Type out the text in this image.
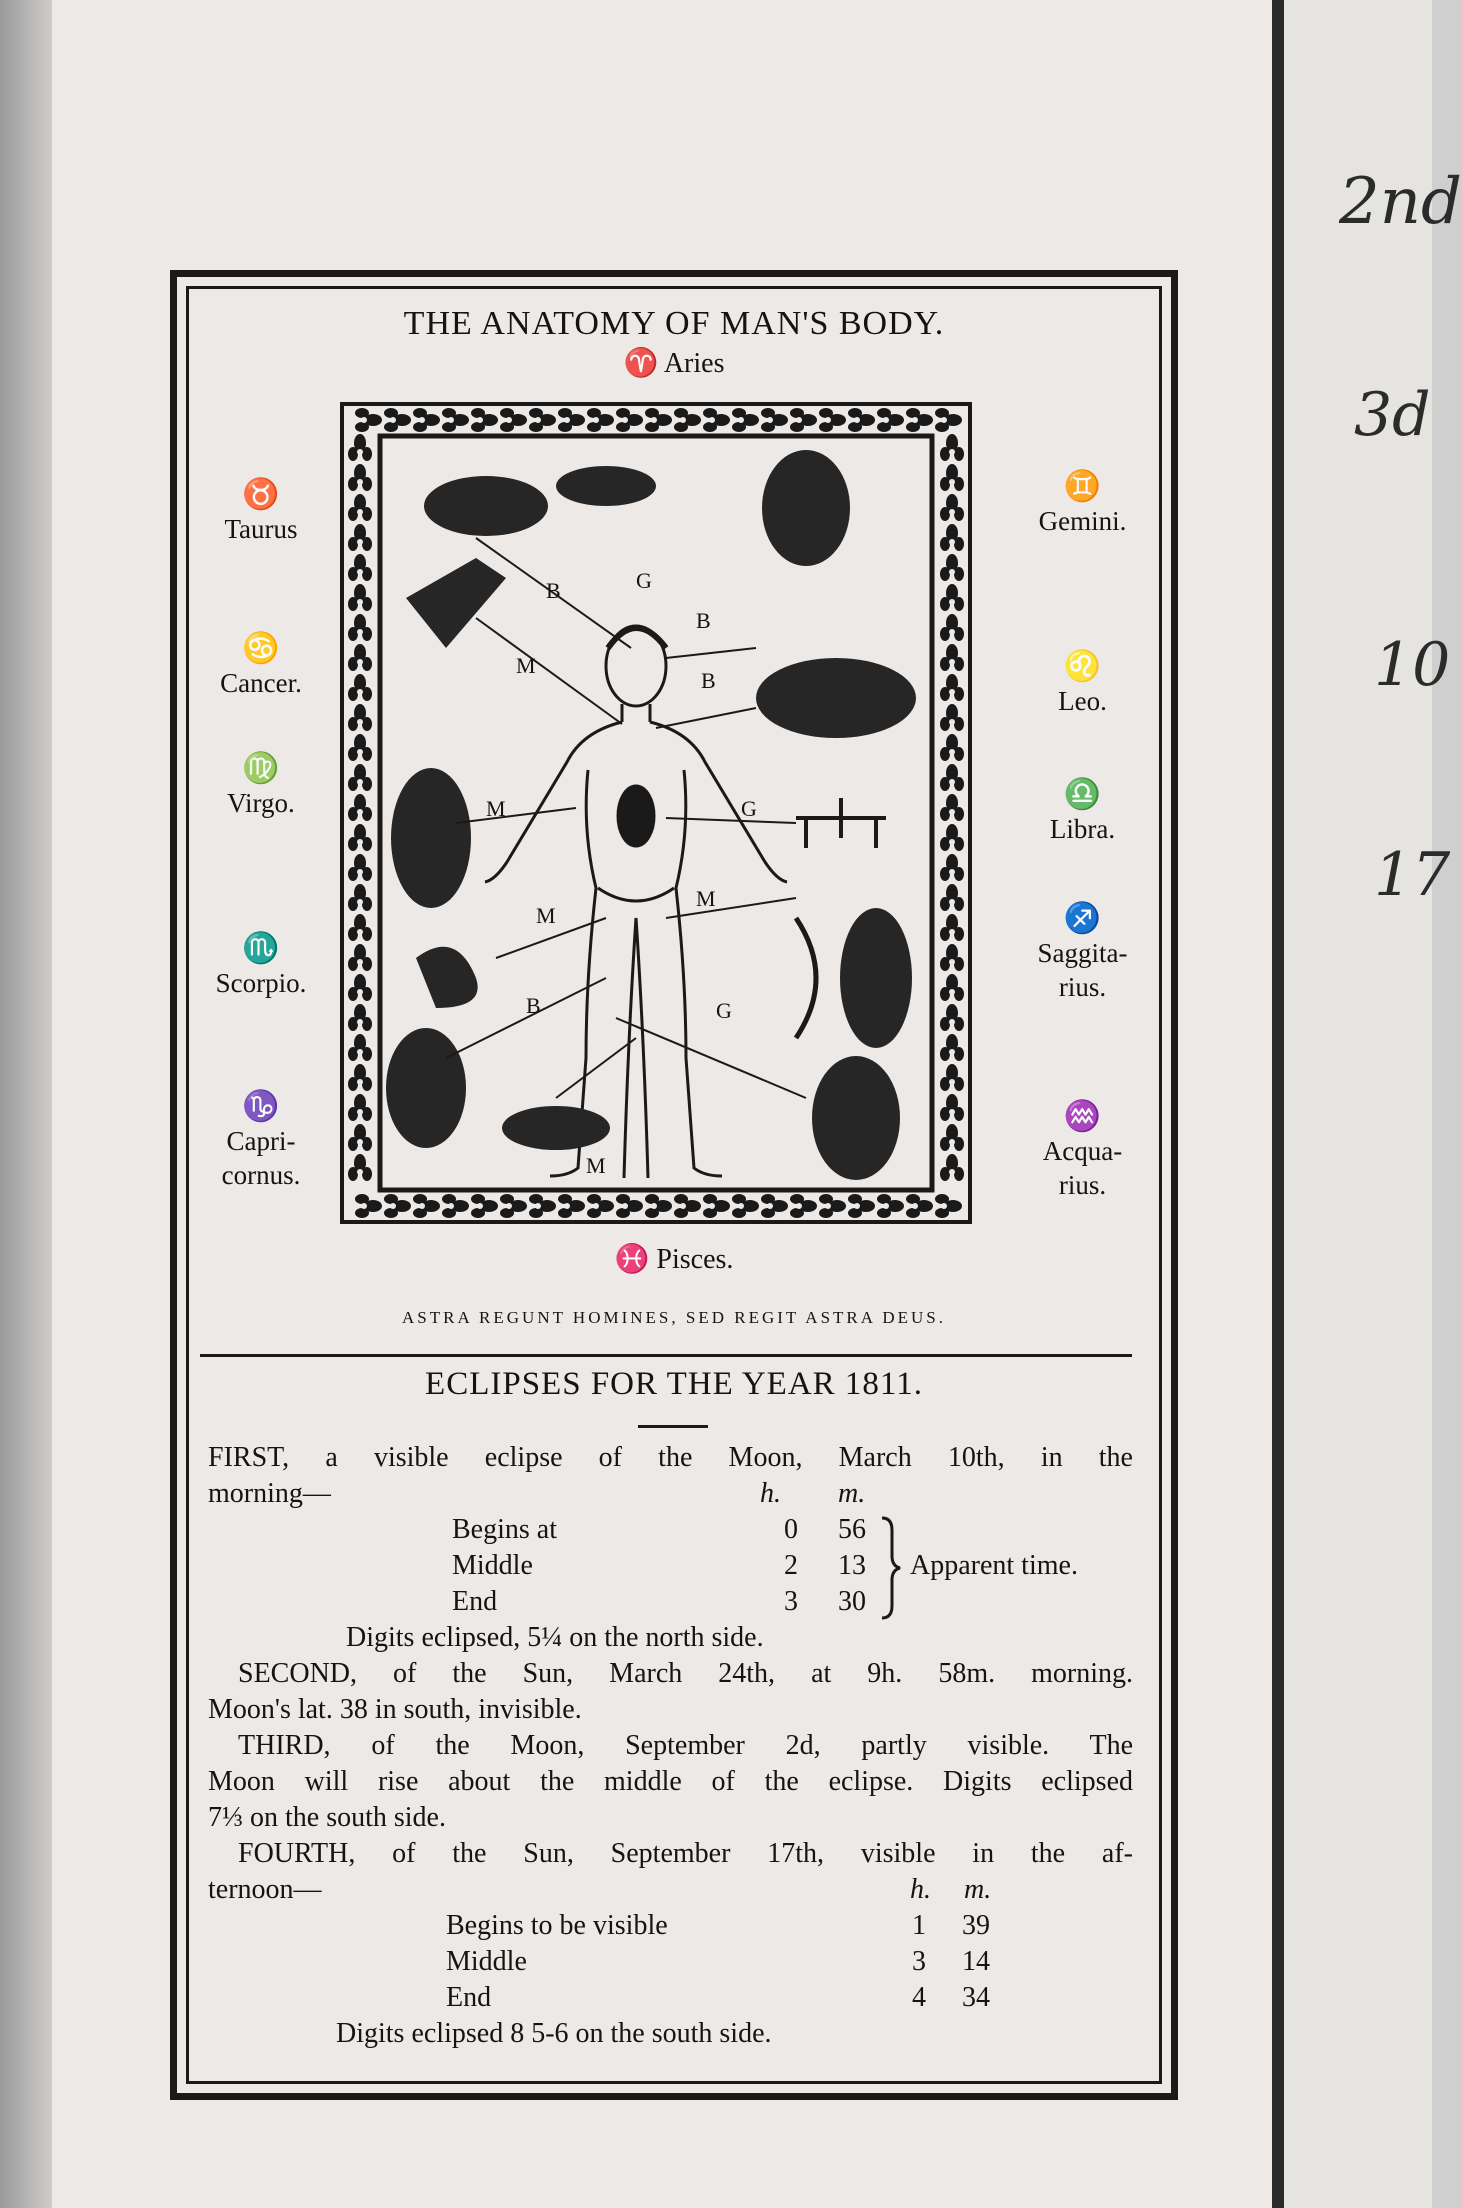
2nd
3d
10
17
THE ANATOMY OF MAN'S BODY.
♈ Aries
♉
Taurus
♋
Cancer.
♍
Virgo.
♏
Scorpio.
♑
Capri-
cornus.
♊
Gemini.
♌
Leo.
♎
Libra.
♐
Saggita-
rius.
♒
Acqua-
rius.
G
B
B
M
B
M	G
M
M
B	G
M
♓ Pisces.
ASTRA REGUNT HOMINES, SED REGIT ASTRA DEUS.
ECLIPSES FOR THE YEAR 1811.
FIRST, a visible eclipse of the Moon, March 10th, in the
morning—	h. m.
Begins at	0 56
Middle	2 13
End	3 30
Apparent time.
Digits eclipsed, 5¼ on the north side.
SECOND, of the Sun, March 24th, at 9h. 58m. morning.
Moon's lat. 38 in south, invisible.
THIRD, of the Moon, September 2d, partly visible. The
Moon will rise about the middle of the eclipse. Digits eclipsed
7⅓ on the south side.
FOURTH, of the Sun, September 17th, visible in the af-
ternoon—	h. m.
Begins to be visible	1 39
Middle	3 14
End	4 34
Digits eclipsed 8 5-6 on the south side.
